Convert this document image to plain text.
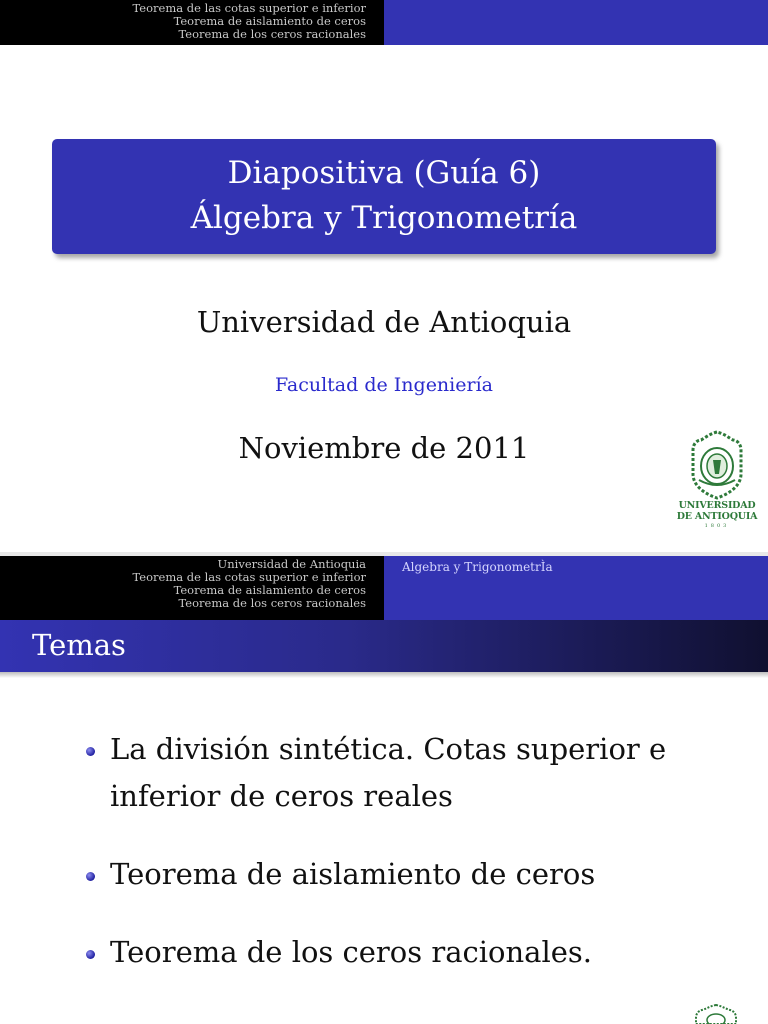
Teorema de las cotas superior e inferior
Teorema de aislamiento de ceros
Teorema de los ceros racionales
Diapositiva (Guía 6)
Álgebra y Trigonometría
Universidad de Antioquia
Facultad de Ingeniería
Noviembre de 2011
UNIVERSIDAD
DE ANTIOQUIA
1803
Universidad de Antioquia
Teorema de las cotas superior e inferior
Teorema de aislamiento de ceros
Teorema de los ceros racionales
Algebra y TrigonometrÌa
Temas
La división sintética. Cotas superior e inferior de ceros reales
Teorema de aislamiento de ceros
Teorema de los ceros racionales.
